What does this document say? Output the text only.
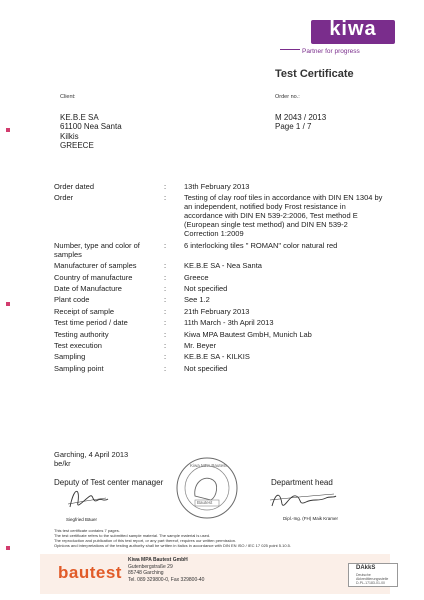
kiwa
Partner for progress
Test Certificate
Client:	Order no.:
KE.B.E SA
61100 Nea Santa
Kilkis
GREECE
M 2043 / 2013
Page 1 / 7
Order dated	:	13th February 2013
Order	:	Testing of clay roof tiles in accordance with DIN EN 1304 by an independent, notified body Frost resistance in accordance with DIN EN 539-2:2006, Test method E (European single test method) and DIN EN 539-2 Correction 1:2009
Number, type and color of samples	:	6 interlocking tiles " ROMAN" color natural red
Manufacturer of samples	:	KE.B.E SA - Nea Santa
Country of manufacture	:	Greece
Date of Manufacture	:	Not specified
Plant code	:	See 1.2
Receipt of sample	:	21th February 2013
Test time period / date	:	11th March - 3th April 2013
Testing authority	:	Kiwa MPA Bautest GmbH, Munich Lab
Test execution	:	Mr. Beyer
Sampling	:	KE.B.E SA - KILKIS
Sampling point	:	Not specified
Garching, 4 April 2013
be/kr
Deputy of Test center manager
Siegfried Bäuer
Kiwa MPA Bautest
Bautest
Department head
Dipl.-Ing. (FH) Maik Kramer
This test certificate contains 7 pages.
The test certificate refers to the submitted sample material. The sample material is used.
The reproduction and publication of this test report, or any part thereof, requires our written permission.
Opinions and interpretations of the testing authority shall be written in italics in accordance with DIN EN ISO / IEC 17 025 point 5.10.5.
bautest
Kiwa MPA Bautest GmbH
Gutenbergstraße 29
85748 Garching
Tel. 089 329800-0, Fax 329800-40
DAkkS
Deutsche
Akkreditierungsstelle
D-PL-17183-01-00
